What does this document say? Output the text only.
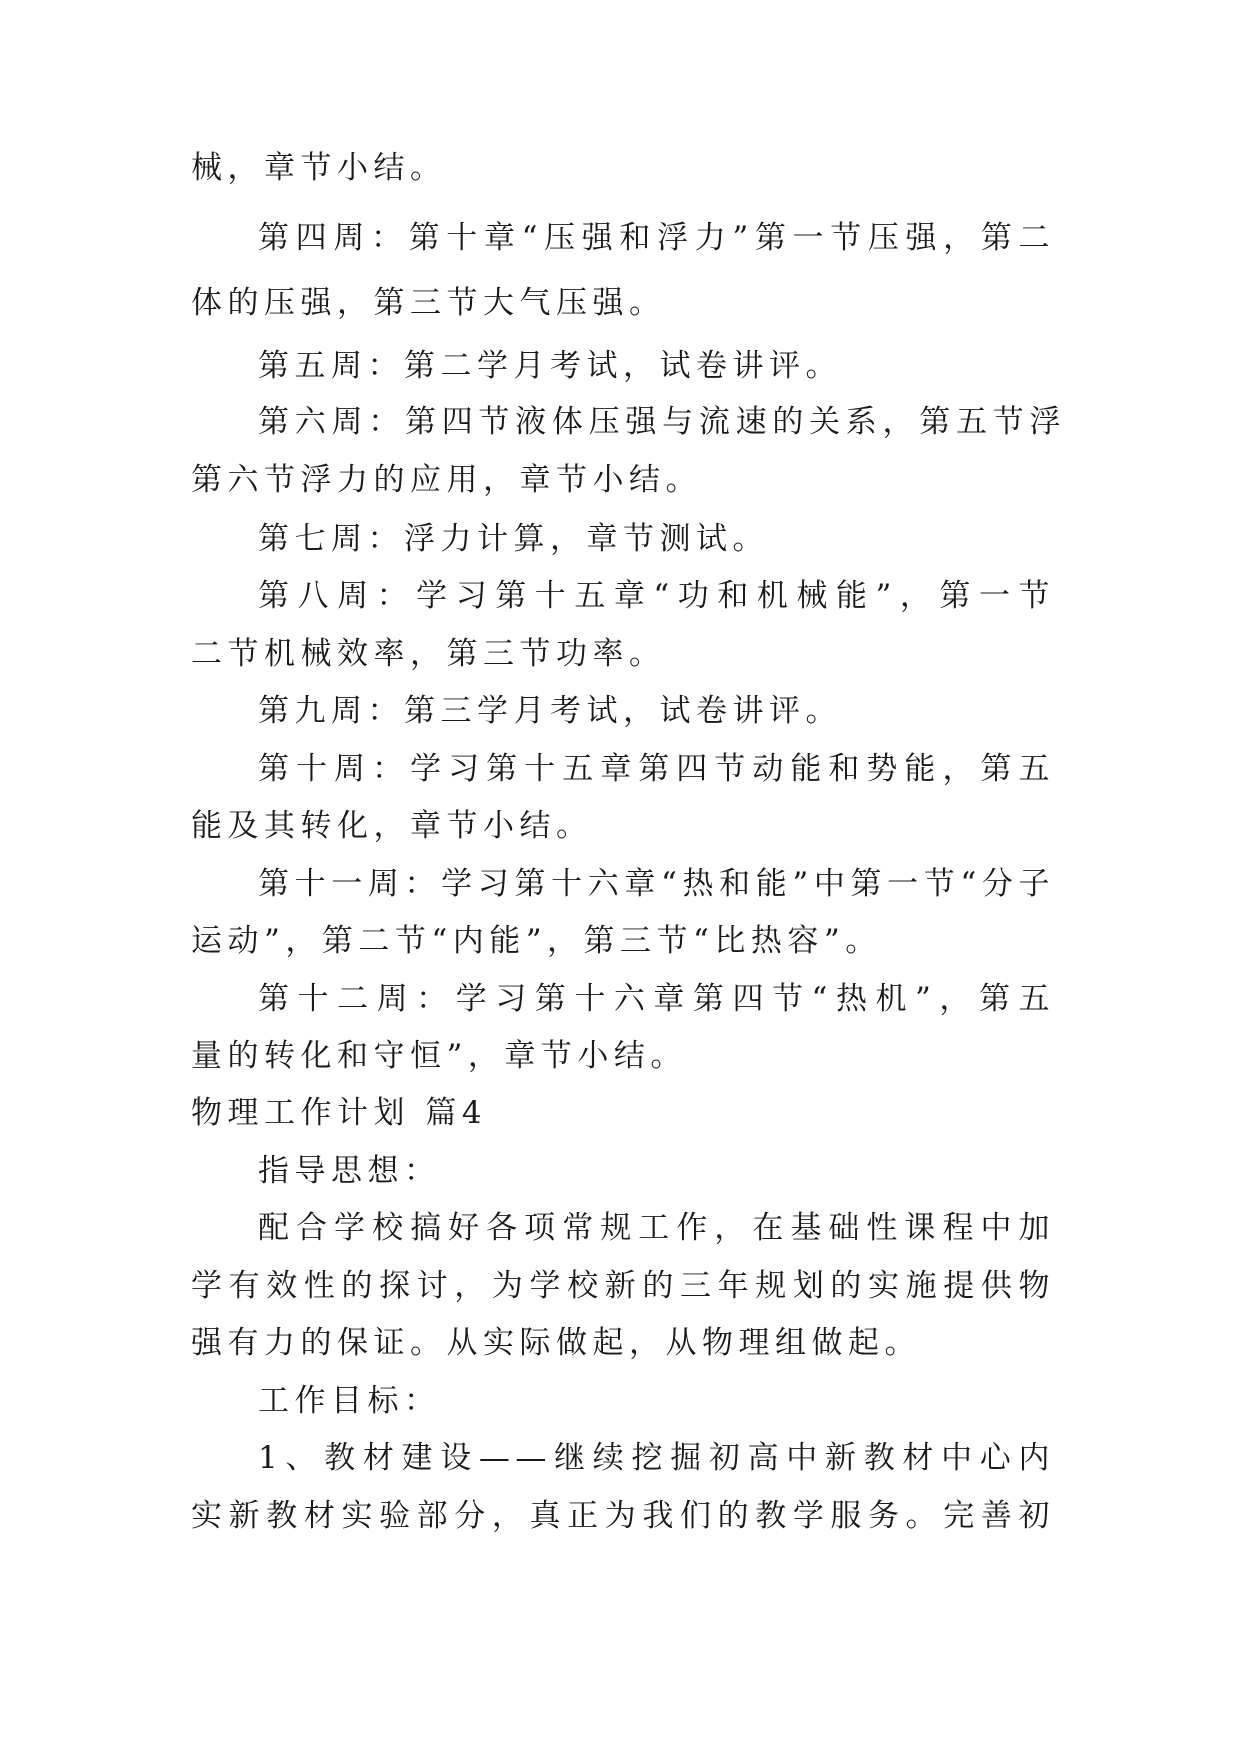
械，章节小结。
第四周：第十章“压强和浮力”第一节压强，第二
体的压强，第三节大气压强。
第五周：第二学月考试，试卷讲评。
第六周：第四节液体压强与流速的关系，第五节浮
第六节浮力的应用，章节小结。
第七周：浮力计算，章节测试。
第八周：学习第十五章“功和机械能”，第一节
二节机械效率，第三节功率。
第九周：第三学月考试，试卷讲评。
第十周：学习第十五章第四节动能和势能，第五
能及其转化，章节小结。
第十一周：学习第十六章“热和能”中第一节“分子
运动”，第二节“内能”，第三节“比热容”。
第十二周：学习第十六章第四节“热机”，第五
量的转化和守恒”，章节小结。
物理工作计划 篇4
指导思想：
配合学校搞好各项常规工作，在基础性课程中加
学有效性的探讨，为学校新的三年规划的实施提供物
强有力的保证。从实际做起，从物理组做起。
工作目标：
1、教材建设——继续挖掘初高中新教材中心内
实新教材实验部分，真正为我们的教学服务。完善初
